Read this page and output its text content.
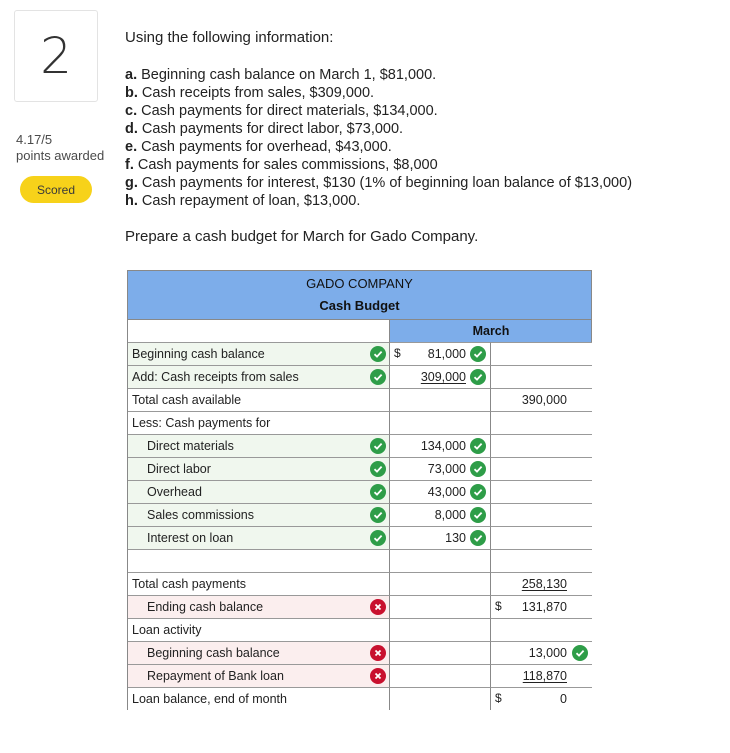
2
4.17/5
points awarded
Scored
Using the following information:
a. Beginning cash balance on March 1, $81,000.
b. Cash receipts from sales, $309,000.
c. Cash payments for direct materials, $134,000.
d. Cash payments for direct labor, $73,000.
e. Cash payments for overhead, $43,000.
f. Cash payments for sales commissions, $8,000
g. Cash payments for interest, $130 (1% of beginning loan balance of $13,000)
h. Cash repayment of loan, $13,000.
Prepare a cash budget for March for Gado Company.
GADO COMPANY
Cash Budget
March
Beginning cash balance	$ 81,000
Add: Cash receipts from sales	309,000
Total cash available	390,000
Less: Cash payments for
Direct materials	134,000
Direct labor	73,000
Overhead	43,000
Sales commissions	8,000
Interest on loan	130
Total cash payments	258,130
Ending cash balance	$ 131,870
Loan activity
Beginning cash balance	13,000
Repayment of Bank loan	118,870
Loan balance, end of month	$	0
